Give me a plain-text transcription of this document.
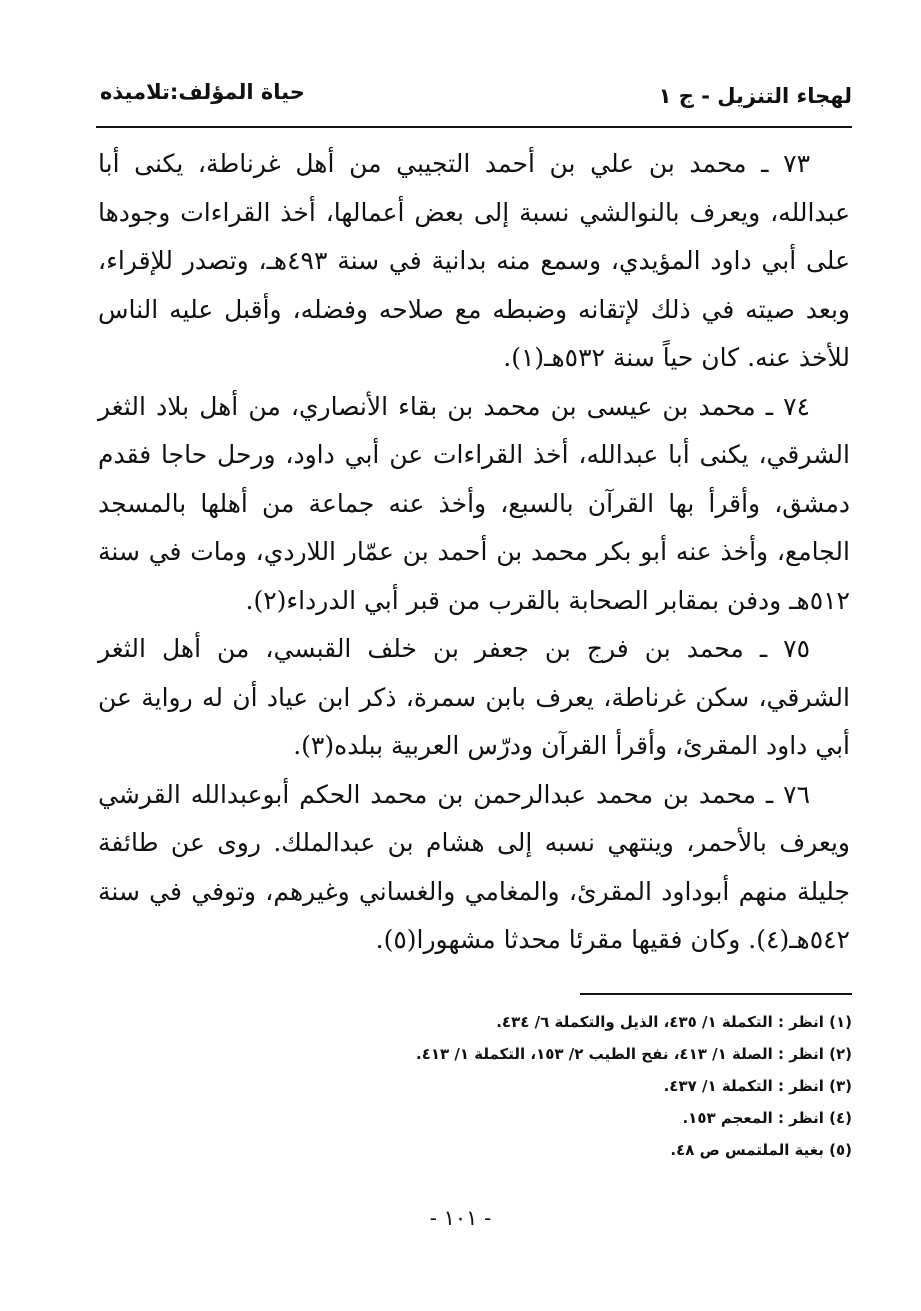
لهجاء التنزيل - ج ١
حياة المؤلف:تلاميذه

٧٣ ـ محمد بن علي بن أحمد التجيبي من أهل غرناطة، يكنى أبا عبدالله، ويعرف بالنوالشي نسبة إلى بعض أعمالها، أخذ القراءات وجودها على أبي داود المؤيدي، وسمع منه بدانية في سنة ٤٩٣هـ، وتصدر للإقراء، وبعد صيته في ذلك لإتقانه وضبطه مع صلاحه وفضله، وأقبل عليه الناس للأخذ عنه. كان حياً سنة ٥٣٢هـ(١).

٧٤ ـ محمد بن عيسى بن محمد بن بقاء الأنصاري، من أهل بلاد الثغر الشرقي، يكنى أبا عبدالله، أخذ القراءات عن أبي داود، ورحل حاجا فقدم دمشق، وأقرأ بها القرآن بالسبع، وأخذ عنه جماعة من أهلها بالمسجد الجامع، وأخذ عنه أبو بكر محمد بن أحمد بن عمّار اللاردي، ومات في سنة ٥١٢هـ ودفن بمقابر الصحابة بالقرب من قبر أبي الدرداء(٢).

٧٥ ـ محمد بن فرج بن جعفر بن خلف القبسي، من أهل الثغر الشرقي، سكن غرناطة، يعرف بابن سمرة، ذكر ابن عياد أن له رواية عن أبي داود المقرئ، وأقرأ القرآن ودرّس العربية ببلده(٣).

٧٦ ـ محمد بن محمد عبدالرحمن بن محمد الحكم أبوعبدالله القرشي ويعرف بالأحمر، وينتهي نسبه إلى هشام بن عبدالملك. روى عن طائفة جليلة منهم أبوداود المقرئ، والمغامي والغساني وغيرهم، وتوفي في سنة ٥٤٢هـ(٤). وكان فقيها مقرئا محدثا مشهورا(٥).

(١) انظر : التكملة ١/ ٤٣٥، الذيل والتكملة ٦/ ٤٣٤.

(٢) انظر : الصلة ١/ ٤١٣، نفح الطيب ٢/ ١٥٣، التكملة ١/ ٤١٣.

(٣) انظر : التكملة ١/ ٤٣٧.

(٤) انظر : المعجم ١٥٣.

(٥) بغية الملتمس ص ٤٨.

- ١٠١ -
